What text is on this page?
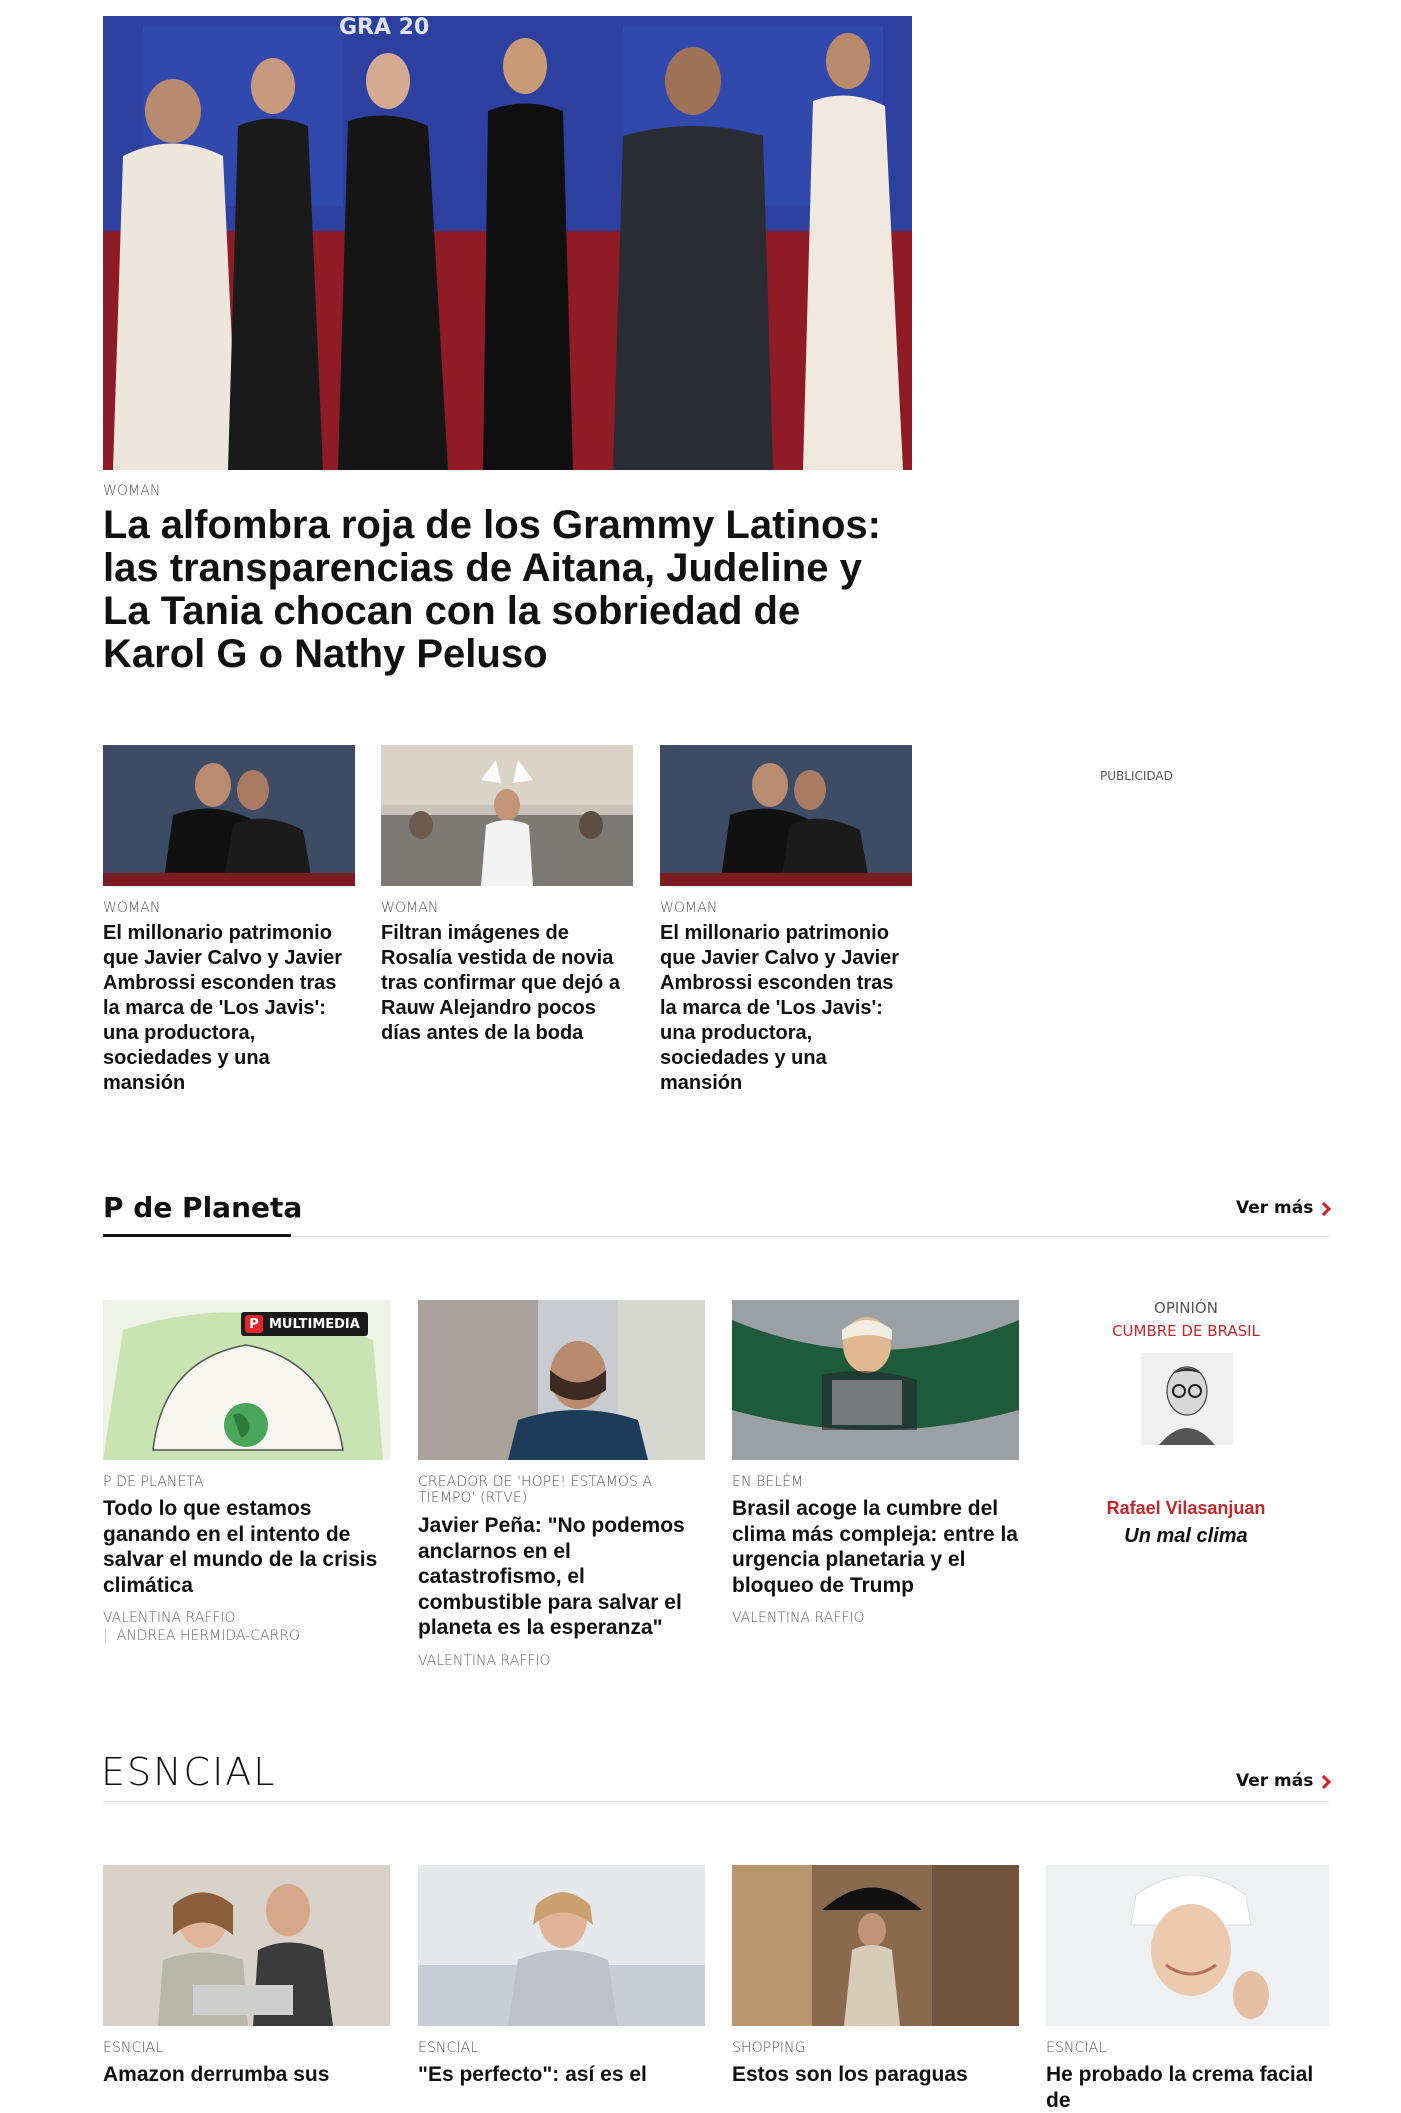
GRA 20
WOMAN
La alfombra roja de los Grammy Latinos: las transparencias de Aitana, Judeline y La Tania chocan con la sobriedad de Karol G o Nathy Peluso
WOMAN
El millonario patrimonio que Javier Calvo y Javier Ambrossi esconden tras la marca de 'Los Javis': una productora, sociedades y una mansión
WOMAN
Filtran imágenes de Rosalía vestida de novia tras confirmar que dejó a Rauw Alejandro pocos días antes de la boda
WOMAN
El millonario patrimonio que Javier Calvo y Javier Ambrossi esconden tras la marca de 'Los Javis': una productora, sociedades y una mansión
PUBLICIDAD
P de Planeta	Ver más
P MULTIMEDIA
P DE PLANETA
Todo lo que estamos ganando en el intento de salvar el mundo de la crisis climática
VALENTINA RAFFIO
|  ANDREA HERMIDA-CARRO
CREADOR DE 'HOPE! ESTAMOS A TIEMPO' (RTVE)
Javier Peña: "No podemos anclarnos en el catastrofismo, el combustible para salvar el planeta es la esperanza"
VALENTINA RAFFIO
EN BELÉM
Brasil acoge la cumbre del clima más compleja: entre la urgencia planetaria y el bloqueo de Trump
VALENTINA RAFFIO
OPINIÓN
CUMBRE DE BRASIL
Rafael Vilasanjuan
Un mal clima
ESNCIAL	Ver más
ESNCIAL
Amazon derrumba sus
ESNCIAL
"Es perfecto": así es el
SHOPPING
Estos son los paraguas
ESNCIAL
He probado la crema facial de
